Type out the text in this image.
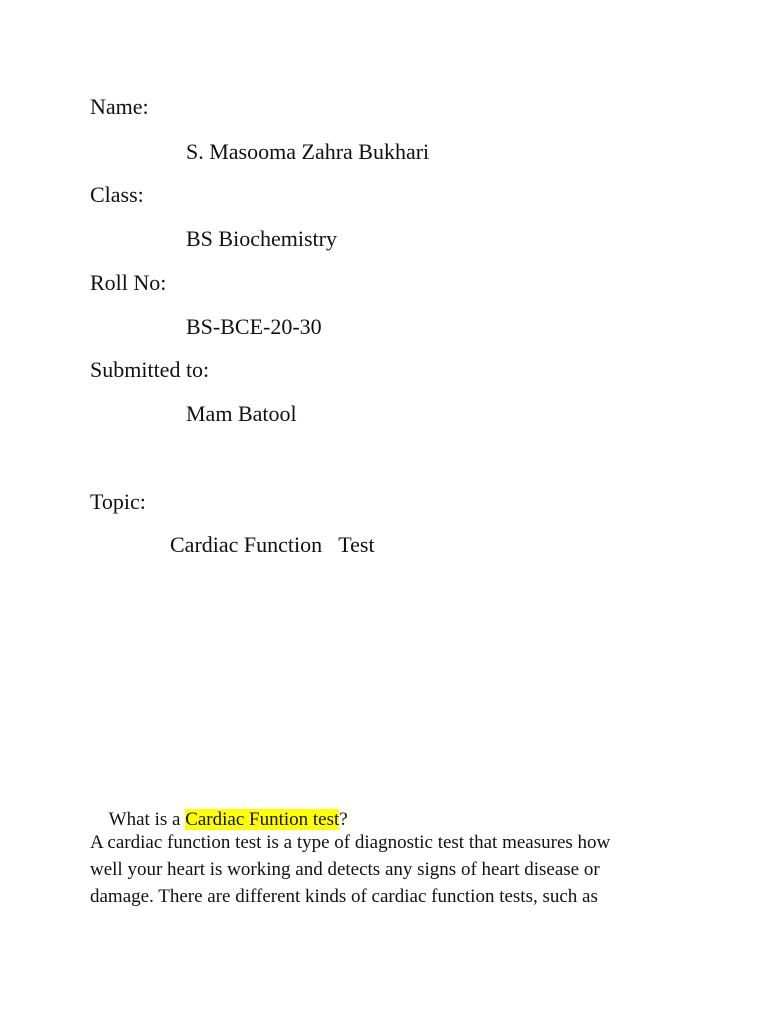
Name:
S. Masooma Zahra Bukhari
Class:
BS Biochemistry
Roll No:
BS-BCE-20-30
Submitted to:
Mam Batool
Topic:
Cardiac Function   Test

What is a Cardiac Funtion test?

A cardiac function test is a type of diagnostic test that measures how
well your heart is working and detects any signs of heart disease or
damage. There are different kinds of cardiac function tests, such as
